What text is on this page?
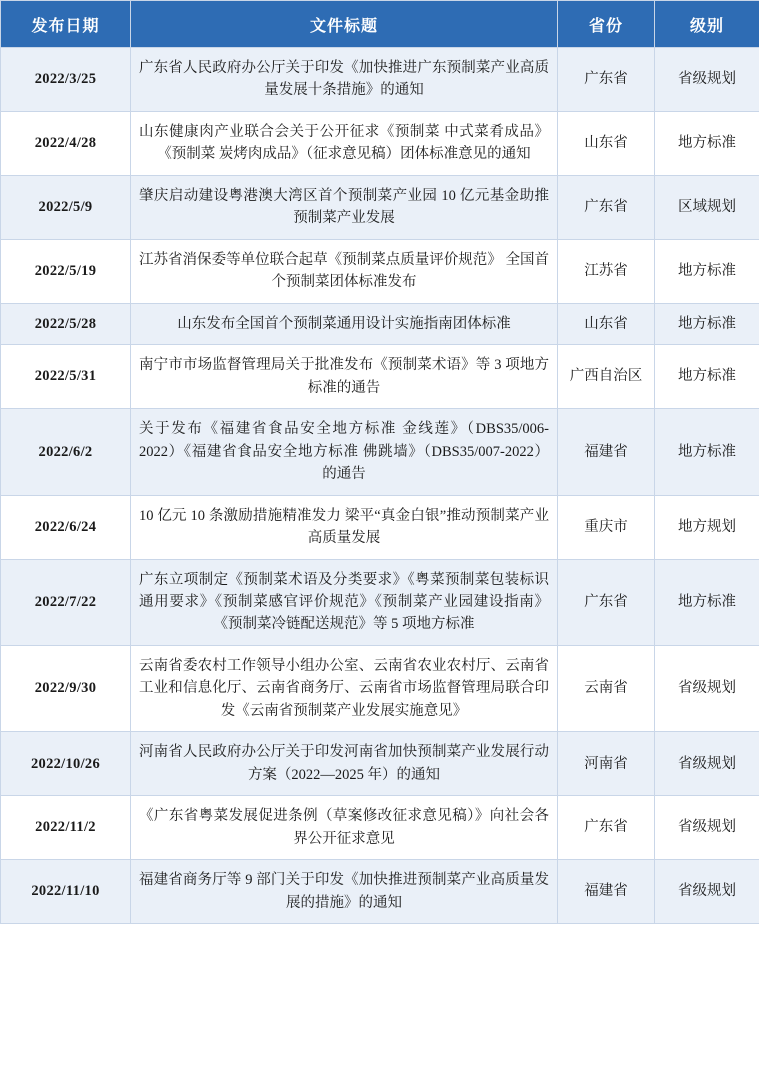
发布日期	文件标题	省份	级别
2022/3/25	广东省人民政府办公厅关于印发《加快推进广东预制菜产业高质量发展十条措施》的通知	广东省	省级规划
2022/4/28	山东健康肉产业联合会关于公开征求《预制菜 中式菜肴成品》《预制菜 炭烤肉成品》（征求意见稿）团体标准意见的通知	山东省	地方标准
2022/5/9	肇庆启动建设粤港澳大湾区首个预制菜产业园 10 亿元基金助推预制菜产业发展	广东省	区域规划
2022/5/19	江苏省消保委等单位联合起草《预制菜点质量评价规范》 全国首个预制菜团体标准发布	江苏省	地方标准
2022/5/28	山东发布全国首个预制菜通用设计实施指南团体标准	山东省	地方标准
2022/5/31	南宁市市场监督管理局关于批准发布《预制菜术语》等 3 项地方标准的通告	广西自治区	地方标准
2022/6/2	关于发布《福建省食品安全地方标准 金线莲》（DBS35/006-2022）《福建省食品安全地方标准 佛跳墙》（DBS35/007-2022）的通告	福建省	地方标准
2022/6/24	10 亿元 10 条激励措施精准发力 梁平“真金白银”推动预制菜产业高质量发展	重庆市	地方规划
2022/7/22	广东立项制定《预制菜术语及分类要求》《粤菜预制菜包装标识通用要求》《预制菜感官评价规范》《预制菜产业园建设指南》《预制菜冷链配送规范》等 5 项地方标准	广东省	地方标准
2022/9/30	云南省委农村工作领导小组办公室、云南省农业农村厅、云南省工业和信息化厅、云南省商务厅、云南省市场监督管理局联合印发《云南省预制菜产业发展实施意见》	云南省	省级规划
2022/10/26	河南省人民政府办公厅关于印发河南省加快预制菜产业发展行动方案（2022—2025 年）的通知	河南省	省级规划
2022/11/2	《广东省粤菜发展促进条例（草案修改征求意见稿）》向社会各界公开征求意见	广东省	省级规划
2022/11/10	福建省商务厅等 9 部门关于印发《加快推进预制菜产业高质量发展的措施》的通知	福建省	省级规划
